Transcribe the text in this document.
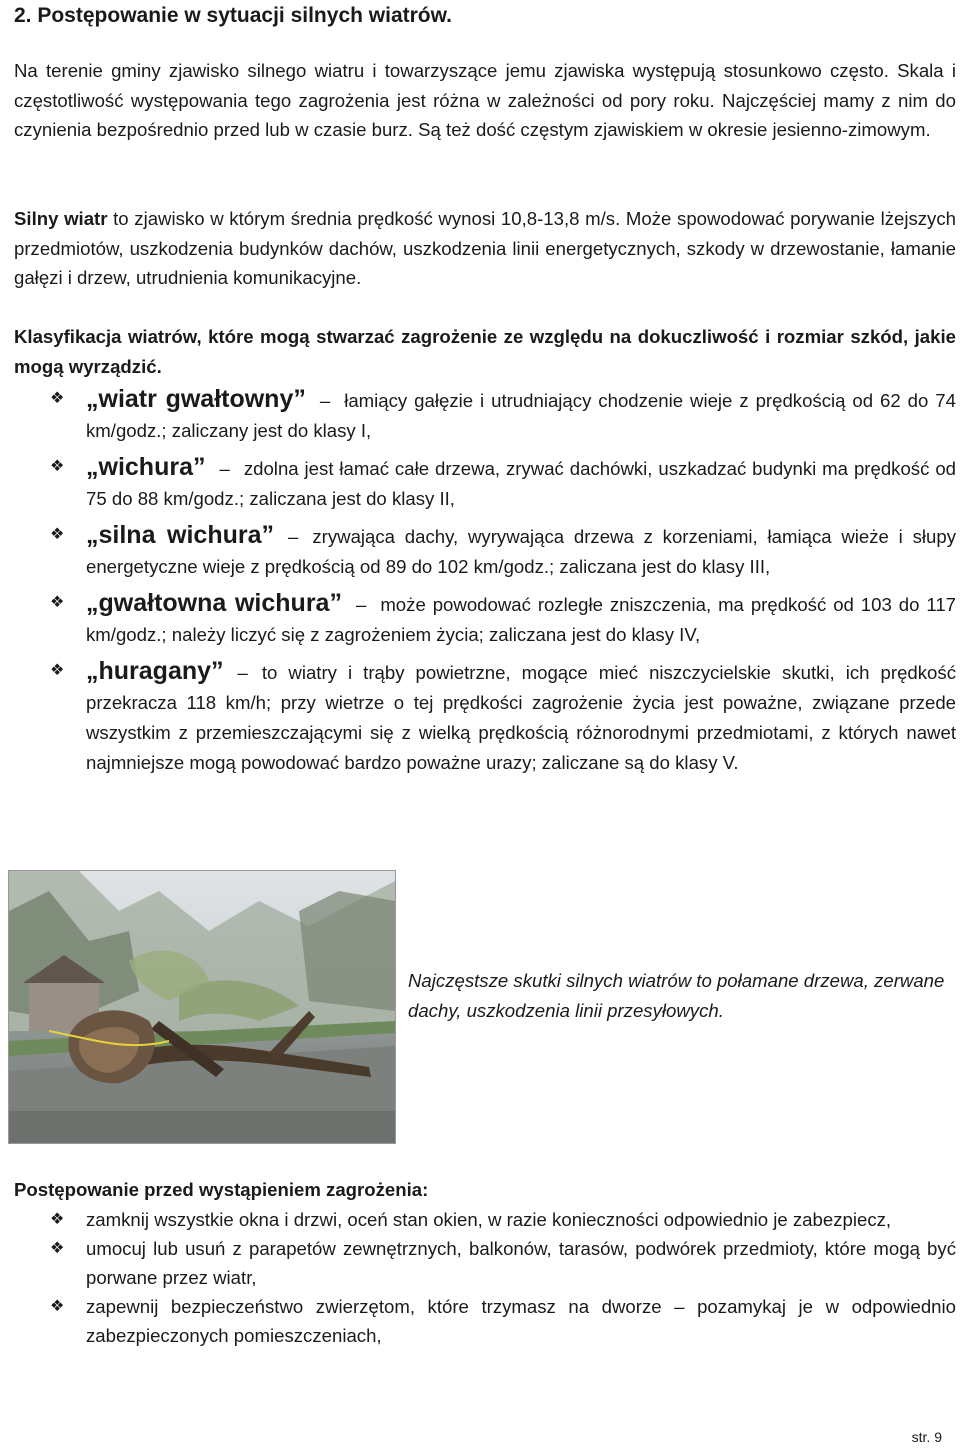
2. Postępowanie w sytuacji silnych wiatrów.

Na terenie gminy zjawisko silnego wiatru i towarzyszące jemu zjawiska występują stosunkowo często. Skala i częstotliwość występowania tego zagrożenia jest różna w zależności od pory roku. Najczęściej mamy z nim do czynienia bezpośrednio przed lub w czasie burz. Są też dość częstym zjawiskiem w okresie jesienno-zimowym.

Silny wiatr to zjawisko w którym średnia prędkość wynosi 10,8-13,8 m/s. Może spowodować porywanie lżejszych przedmiotów, uszkodzenia budynków dachów, uszkodzenia linii energetycznych, szkody w drzewostanie, łamanie gałęzi i drzew, utrudnienia komunikacyjne.

Klasyfikacja wiatrów, które mogą stwarzać zagrożenie ze względu na dokuczliwość i rozmiar szkód, jakie mogą wyrządzić.

❖ „wiatr gwałtowny” – łamiący gałęzie i utrudniający chodzenie wieje z prędkością od 62 do 74 km/godz.; zaliczany jest do klasy I,
❖ „wichura” – zdolna jest łamać całe drzewa, zrywać dachówki, uszkadzać budynki ma prędkość od 75 do 88 km/godz.; zaliczana jest do klasy II,
❖ „silna wichura” – zrywająca dachy, wyrywająca drzewa z korzeniami, łamiąca wieże i słupy energetyczne wieje z prędkością od 89 do 102 km/godz.; zaliczana jest do klasy III,
❖ „gwałtowna wichura” – może powodować rozległe zniszczenia, ma prędkość od 103 do 117 km/godz.; należy liczyć się z zagrożeniem życia; zaliczana jest do klasy IV,
❖ „huragany” – to wiatry i trąby powietrzne, mogące mieć niszczycielskie skutki, ich prędkość przekracza 118 km/h; przy wietrze o tej prędkości zagrożenie życia jest poważne, związane przede wszystkim z przemieszczającymi się z wielką prędkością różnorodnymi przedmiotami, z których nawet najmniejsze mogą powodować bardzo poważne urazy; zaliczane są do klasy V.

Najczęstsze skutki silnych wiatrów to połamane drzewa, zerwane dachy, uszkodzenia linii przesyłowych.

Postępowanie przed wystąpieniem zagrożenia:
❖ zamknij wszystkie okna i drzwi, oceń stan okien, w razie konieczności odpowiednio je zabezpiecz,
❖ umocuj lub usuń z parapetów zewnętrznych, balkonów, tarasów, podwórek przedmioty, które mogą być porwane przez wiatr,
❖ zapewnij bezpieczeństwo zwierzętom, które trzymasz na dworze – pozamykaj je w odpowiednio zabezpieczonych pomieszczeniach,
str. 9
